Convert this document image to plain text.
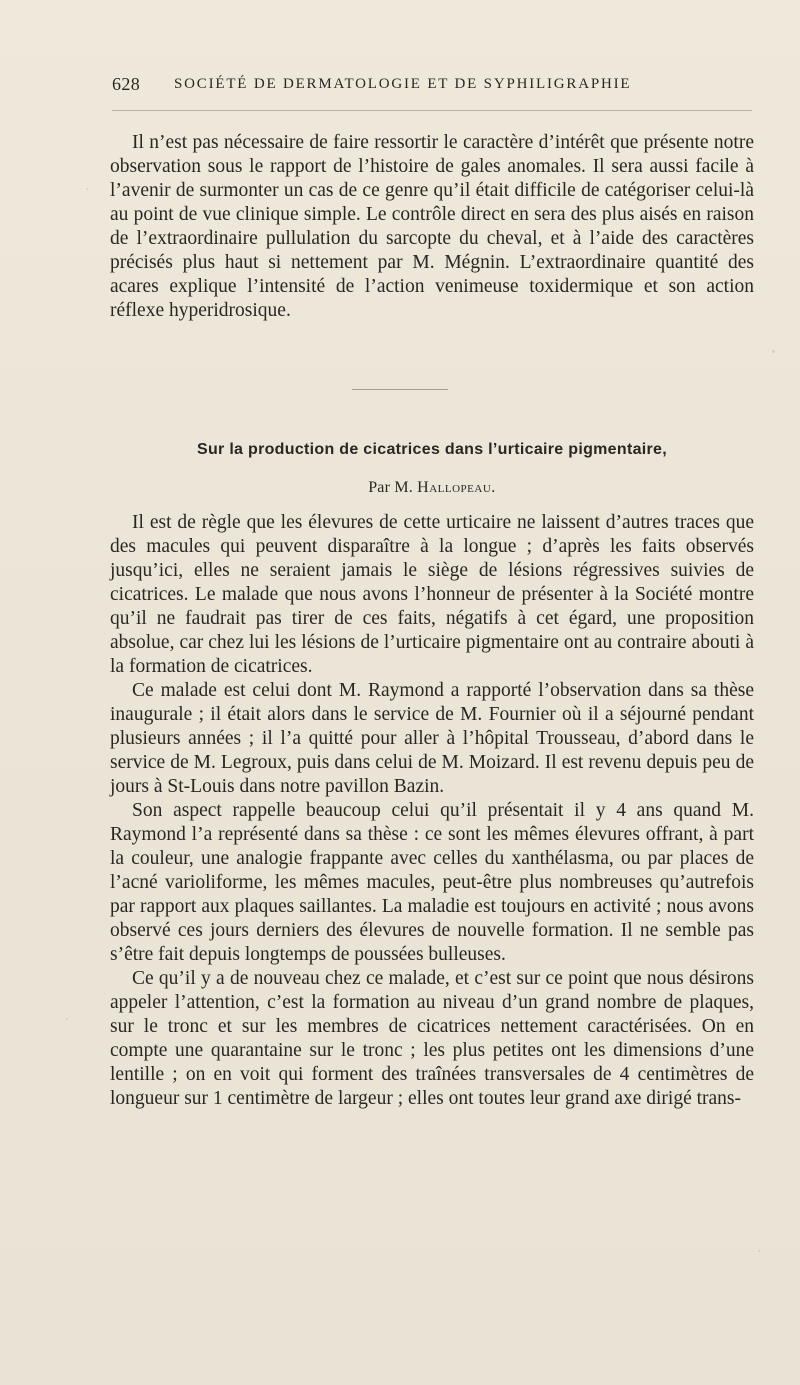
628 SOCIÉTÉ DE DERMATOLOGIE ET DE SYPHILIGRAPHIE

Il n’est pas nécessaire de faire ressortir le caractère d’intérêt que présente notre observation sous le rapport de l’histoire de gales anomales. Il sera aussi facile à l’avenir de surmonter un cas de ce genre qu’il était difficile de catégoriser celui-là au point de vue clinique simple. Le contrôle direct en sera des plus aisés en raison de l’extraordinaire pullulation du sarcopte du cheval, et à l’aide des caractères précisés plus haut si nettement par M. Mégnin. L’extraordinaire quantité des acares explique l’intensité de l’action venimeuse toxidermique et son action réflexe hyperidrosique.

Sur la production de cicatrices dans l’urticaire pigmentaire,
Par M. Hallopeau.

Il est de règle que les élevures de cette urticaire ne laissent d’autres traces que des macules qui peuvent disparaître à la longue ; d’après les faits observés jusqu’ici, elles ne seraient jamais le siège de lésions régressives suivies de cicatrices. Le malade que nous avons l’honneur de présenter à la Société montre qu’il ne faudrait pas tirer de ces faits, négatifs à cet égard, une proposition absolue, car chez lui les lésions de l’urticaire pigmentaire ont au contraire abouti à la formation de cicatrices.

Ce malade est celui dont M. Raymond a rapporté l’observation dans sa thèse inaugurale ; il était alors dans le service de M. Fournier où il a séjourné pendant plusieurs années ; il l’a quitté pour aller à l’hôpital Trousseau, d’abord dans le service de M. Legroux, puis dans celui de M. Moizard. Il est revenu depuis peu de jours à St-Louis dans notre pavillon Bazin.

Son aspect rappelle beaucoup celui qu’il présentait il y 4 ans quand M. Raymond l’a représenté dans sa thèse : ce sont les mêmes élevures offrant, à part la couleur, une analogie frappante avec celles du xanthélasma, ou par places de l’acné varioliforme, les mêmes macules, peut-être plus nombreuses qu’autrefois par rapport aux plaques saillantes. La maladie est toujours en activité ; nous avons observé ces jours derniers des élevures de nouvelle formation. Il ne semble pas s’être fait depuis longtemps de poussées bulleuses.

Ce qu’il y a de nouveau chez ce malade, et c’est sur ce point que nous désirons appeler l’attention, c’est la formation au niveau d’un grand nombre de plaques, sur le tronc et sur les membres de cicatrices nettement caractérisées. On en compte une quarantaine sur le tronc ; les plus petites ont les dimensions d’une lentille ; on en voit qui forment des traînées transversales de 4 centimètres de longueur sur 1 centimètre de largeur ; elles ont toutes leur grand axe dirigé trans-
